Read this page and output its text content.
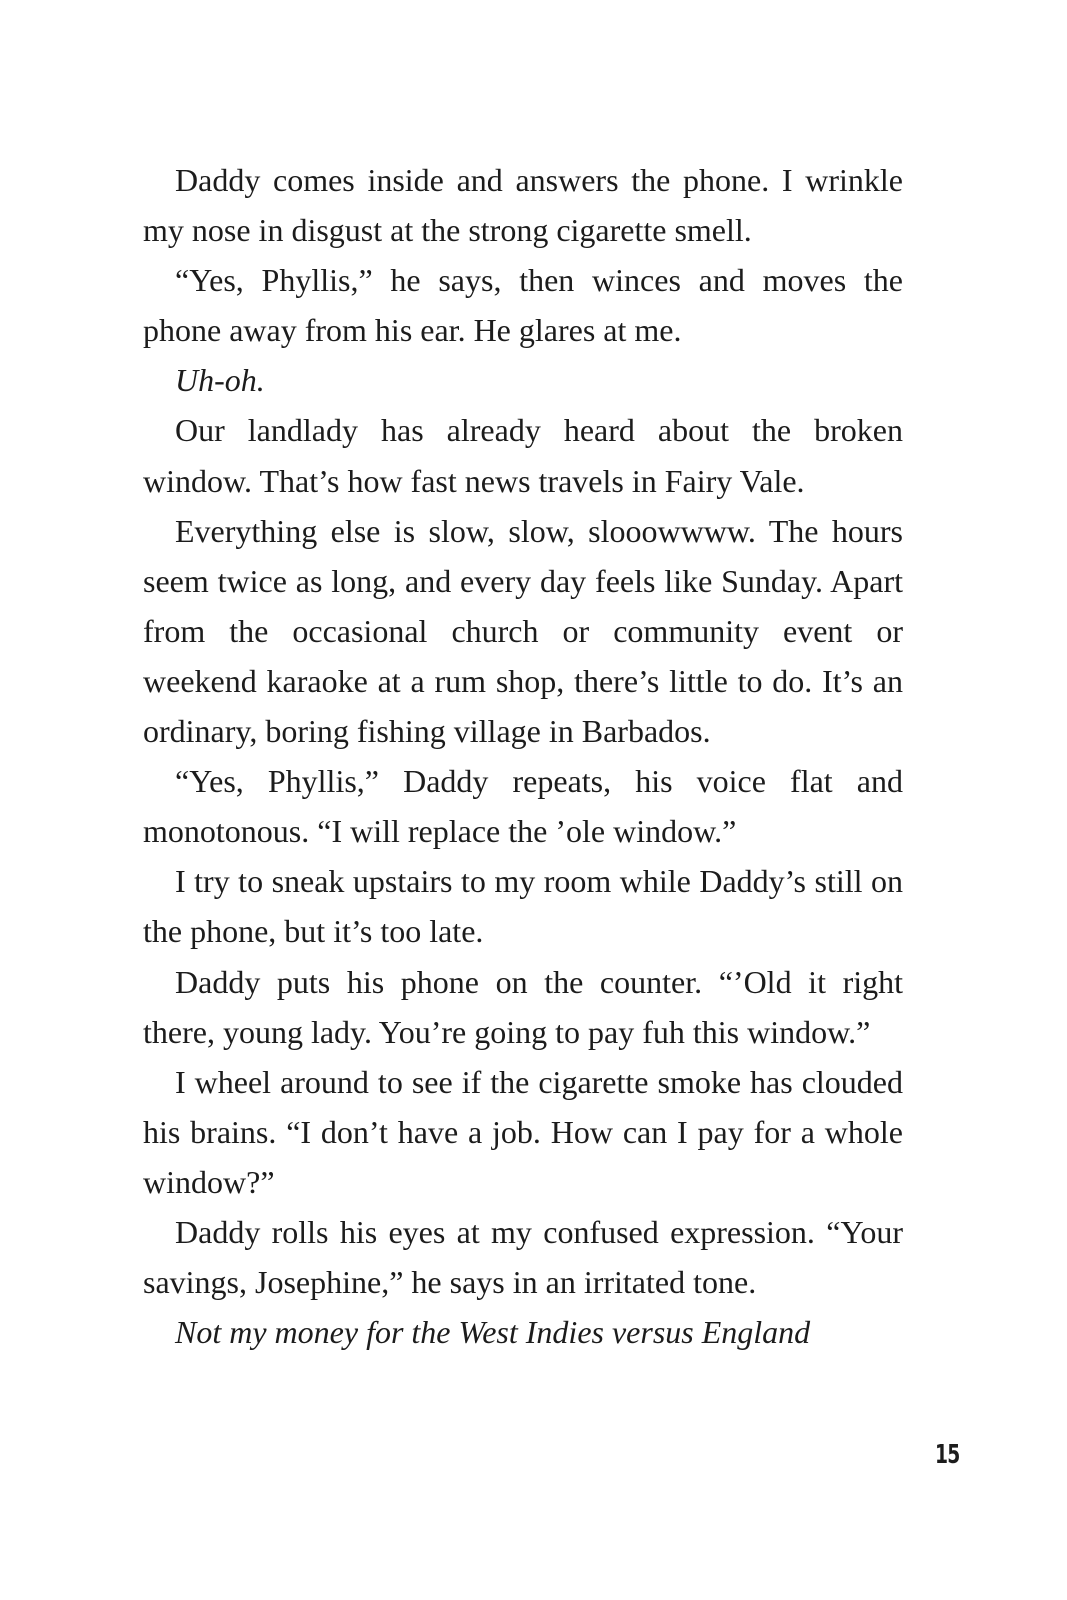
Daddy comes inside and answers the phone. I wrinkle my nose in disgust at the strong cigarette smell.

“Yes, Phyllis,” he says, then winces and moves the phone away from his ear. He glares at me.

Uh-oh.

Our landlady has already heard about the broken window. That’s how fast news travels in Fairy Vale.

Everything else is slow, slow, slooowwww. The hours seem twice as long, and every day feels like Sunday. Apart from the occasional church or community event or weekend karaoke at a rum shop, there’s little to do. It’s an ordinary, boring fishing village in Barbados.

“Yes, Phyllis,” Daddy repeats, his voice flat and monotonous. “I will replace the ’ole window.”

I try to sneak upstairs to my room while Daddy’s still on the phone, but it’s too late.

Daddy puts his phone on the counter. “’Old it right there, young lady. You’re going to pay fuh this window.”

I wheel around to see if the cigarette smoke has clouded his brains. “I don’t have a job. How can I pay for a whole window?”

Daddy rolls his eyes at my confused expression. “Your savings, Josephine,” he says in an irritated tone.

Not my money for the West Indies versus England

15
